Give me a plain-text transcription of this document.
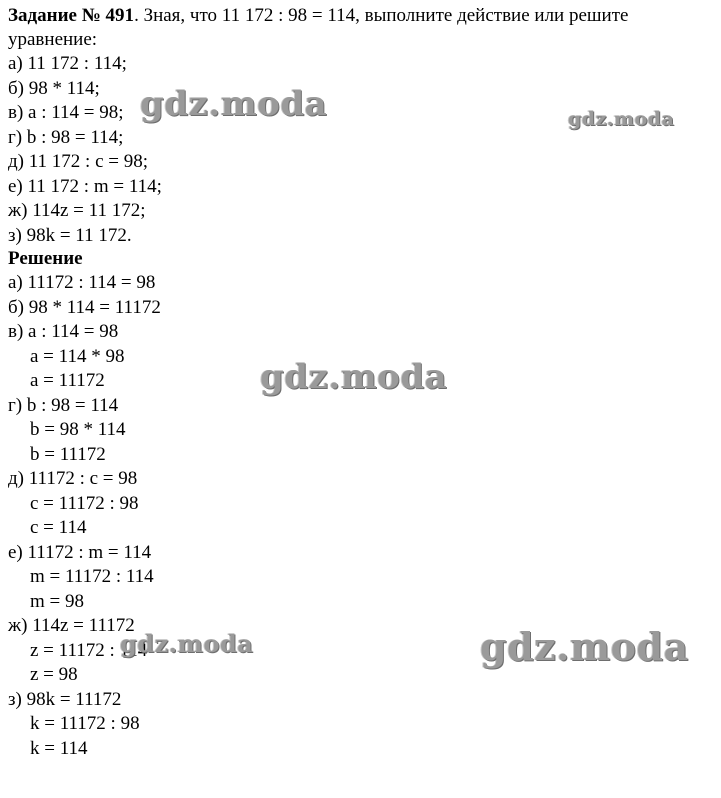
Задание № 491. Зная, что 11 172 : 98 = 114, выполните действие или решите
уравнение:
а) 11 172 : 114;
б) 98 * 114;
в) a : 114 = 98;
г) b : 98 = 114;
д) 11 172 : c = 98;
е) 11 172 : m = 114;
ж) 114z = 11 172;
з) 98k = 11 172.
Решение
а) 11172 : 114 = 98
б) 98 * 114 = 11172
в) a : 114 = 98
a = 114 * 98
a = 11172
г) b : 98 = 114
b = 98 * 114
b = 11172
д) 11172 : c = 98
c = 11172 : 98
c = 114
е) 11172 : m = 114
m = 11172 : 114
m = 98
ж) 114z = 11172
z = 11172 : 114
z = 98
з) 98k = 11172
k = 11172 : 98
k = 114
gdz.moda	gdz.moda
gdz.moda
gdz.moda	gdz.moda
